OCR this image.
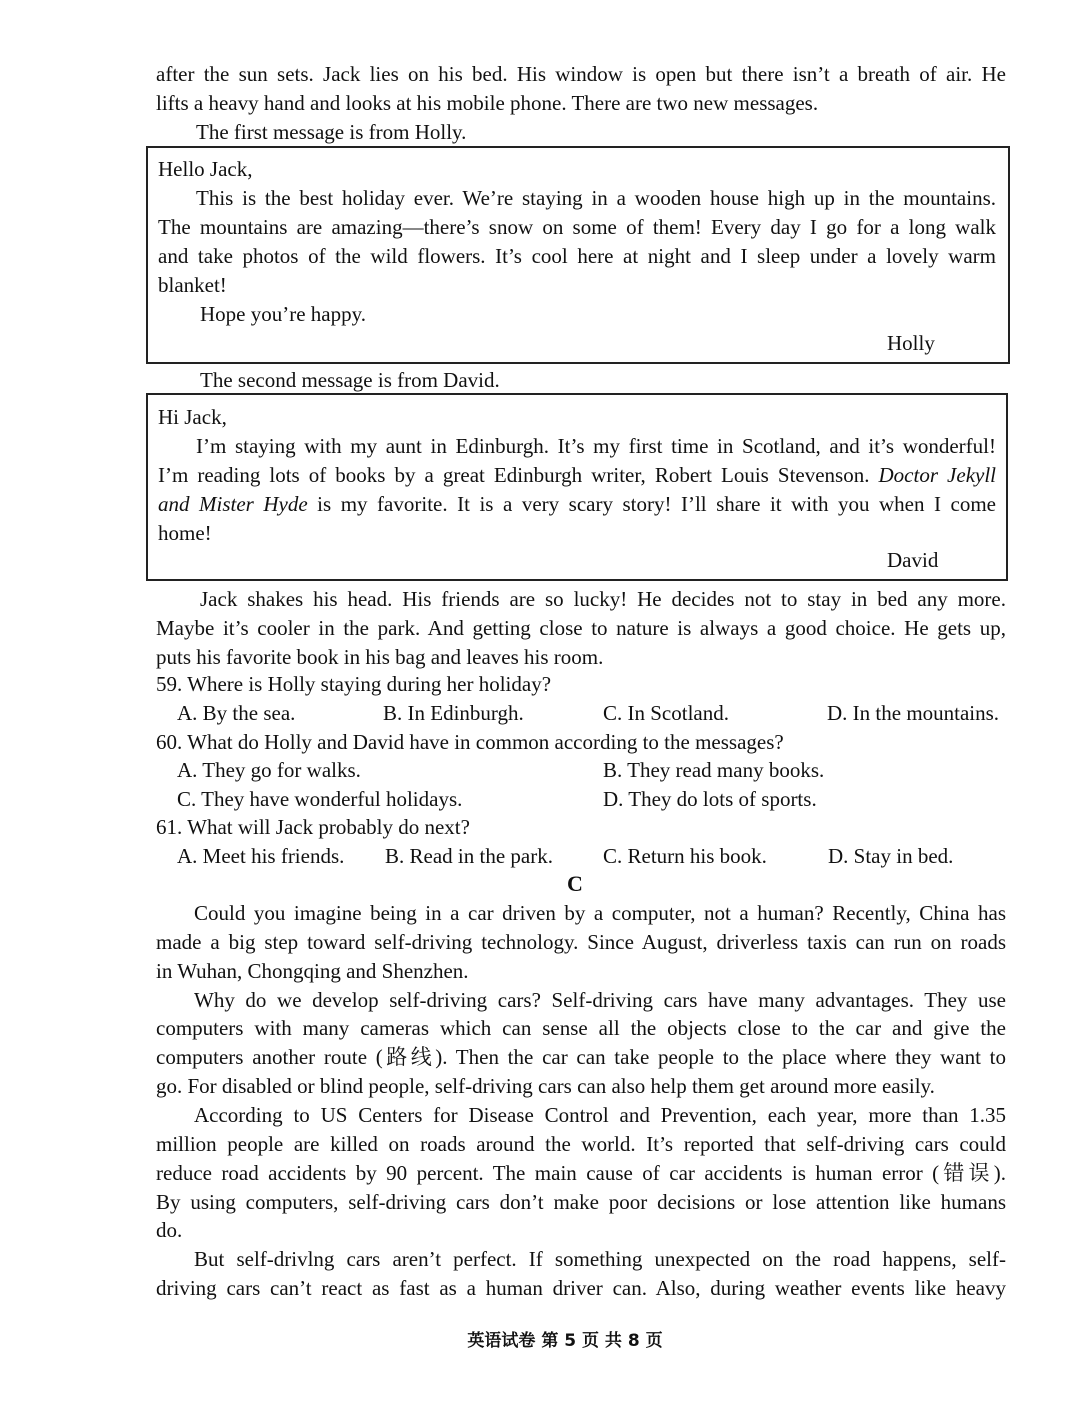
after the sun sets. Jack lies on his bed. His window is open but there isn’t a breath of air. He
lifts a heavy hand and looks at his mobile phone. There are two new messages.
The first message is from Holly.
Hello Jack,
This is the best holiday ever. We’re staying in a wooden house high up in the mountains.
The mountains are amazing—there’s snow on some of them! Every day I go for a long walk
and take photos of the wild flowers. It’s cool here at night and I sleep under a lovely warm
blanket!
Hope you’re happy.
Holly
The second message is from David.
Hi Jack,
I’m staying with my aunt in Edinburgh. It’s my first time in Scotland, and it’s wonderful!
I’m reading lots of books by a great Edinburgh writer, Robert Louis Stevenson. Doctor Jekyll
and Mister Hyde is my favorite. It is a very scary story! I’ll share it with you when I come
home!
David
Jack shakes his head. His friends are so lucky! He decides not to stay in bed any more.
Maybe it’s cooler in the park. And getting close to nature is always a good choice. He gets up,
puts his favorite book in his bag and leaves his room.
59. Where is Holly staying during her holiday?
A. By the sea.	B. In Edinburgh.	C. In Scotland.	D. In the mountains.
60. What do Holly and David have in common according to the messages?
A. They go for walks.	B. They read many books.
C. They have wonderful holidays.	D. They do lots of sports.
61. What will Jack probably do next?
A. Meet his friends. B. Read in the park. C. Return his book.	D. Stay in bed.
C
Could you imagine being in a car driven by a computer, not a human? Recently, China has
made a big step toward self-driving technology. Since August, driverless taxis can run on roads
in Wuhan, Chongqing and Shenzhen.
Why do we develop self-driving cars? Self-driving cars have many advantages. They use
computers with many cameras which can sense all the objects close to the car and give the
computers another route (路线). Then the car can take people to the place where they want to
go. For disabled or blind people, self-driving cars can also help them get around more easily.
According to US Centers for Disease Control and Prevention, each year, more than 1.35
million people are killed on roads around the world. It’s reported that self-driving cars could
reduce road accidents by 90 percent. The main cause of car accidents is human error (错误).
By using computers, self-driving cars don’t make poor decisions or lose attention like humans
do.
But self-drivlng cars aren’t perfect. If something unexpected on the road happens, self-
driving cars can’t react as fast as a human driver can. Also, during weather events like heavy
英语试卷 第 5 页 共 8 页
